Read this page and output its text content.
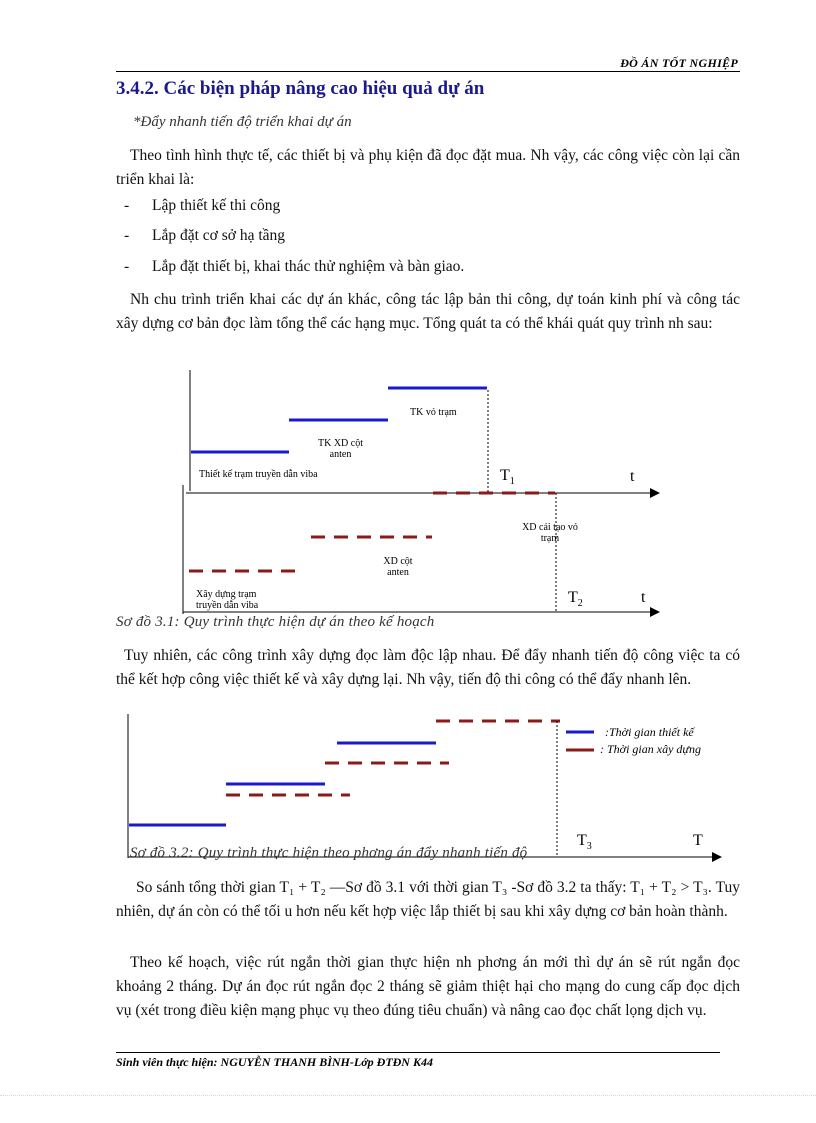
ĐỒ ÁN TỐT NGHIỆP
3.4.2. Các biện pháp nâng cao hiệu quả dự án
*Đẩy nhanh tiến độ triển khai dự án
Theo tình hình thực tế, các thiết bị và phụ kiện đã đọc đặt mua. Nh vậy, các công việc còn lại cần triển khai là:
- Lập thiết kế thi công
- Lắp đặt cơ sở hạ tầng
- Lắp đặt thiết bị, khai thác thử nghiệm và bàn giao.
Nh chu trình triển khai các dự án khác, công tác lập bản thi công, dự toán kinh phí và công tác xây dựng cơ bản đọc làm tổng thể các hạng mục. Tổng quát ta có thể khái quát quy trình nh sau:
Thiết kế trạm truyền dẫn viba
TK XD cột anten
TK vỏ trạm
Xây dựng trạm truyền dẫn viba
XD cột anten
XD cải tạo vỏ trạm
$T_1$	t
$T_2$	t
Sơ đồ 3.1: Quy trình thực hiện dự án theo kế hoạch
Tuy nhiên, các công trình xây dựng đọc làm độc lập nhau. Để đẩy nhanh tiến độ công việc ta có thể kết hợp công việc thiết kế và xây dựng lại. Nh vậy, tiến độ thi công có thể đẩy nhanh lên.
:Thời gian thiết kế
: Thời gian xây dựng
$T_3$	T
Sơ đồ 3.2: Quy trình thực hiện theo phơng án đẩy nhanh tiến độ
So sánh tổng thời gian T₁ + T₂ —Sơ đồ 3.1 với thời gian T₃ -Sơ đồ 3.2 ta thấy: T₁ + T₂ > T₃. Tuy nhiên, dự án còn có thể tối u hơn nếu kết hợp việc lắp thiết bị sau khi xây dựng cơ bản hoàn thành.
Theo kế hoạch, việc rút ngắn thời gian thực hiện nh phơng án mới thì dự án sẽ rút ngắn đọc khoảng 2 tháng. Dự án đọc rút ngắn đọc 2 tháng sẽ giảm thiệt hại cho mạng do cung cấp đọc dịch vụ (xét trong điều kiện mạng phục vụ theo đúng tiêu chuẩn) và nâng cao đọc chất lọng dịch vụ.
Sinh viên thực hiện: NGUYỄN THANH BÌNH-Lớp ĐTĐN K44
